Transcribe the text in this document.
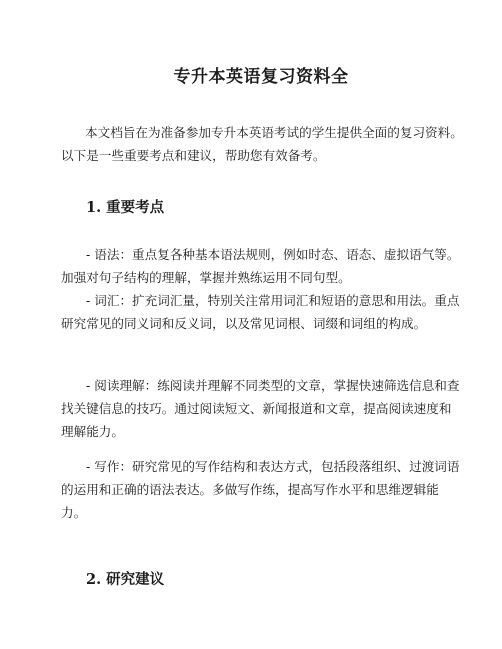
专升本英语复习资料全

本文档旨在为准备参加专升本英语考试的学生提供全面的复习资料。以下是一些重要考点和建议，帮助您有效备考。

1. 重要考点

- 语法：重点复各种基本语法规则，例如时态、语态、虚拟语气等。加强对句子结构的理解，掌握并熟练运用不同句型。

- 词汇：扩充词汇量，特别关注常用词汇和短语的意思和用法。重点研究常见的同义词和反义词，以及常见词根、词缀和词组的构成。

- 阅读理解：练阅读并理解不同类型的文章，掌握快速筛选信息和查找关键信息的技巧。通过阅读短文、新闻报道和文章，提高阅读速度和理解能力。

- 写作：研究常见的写作结构和表达方式，包括段落组织、过渡词语的运用和正确的语法表达。多做写作练，提高写作水平和思维逻辑能力。

2. 研究建议
